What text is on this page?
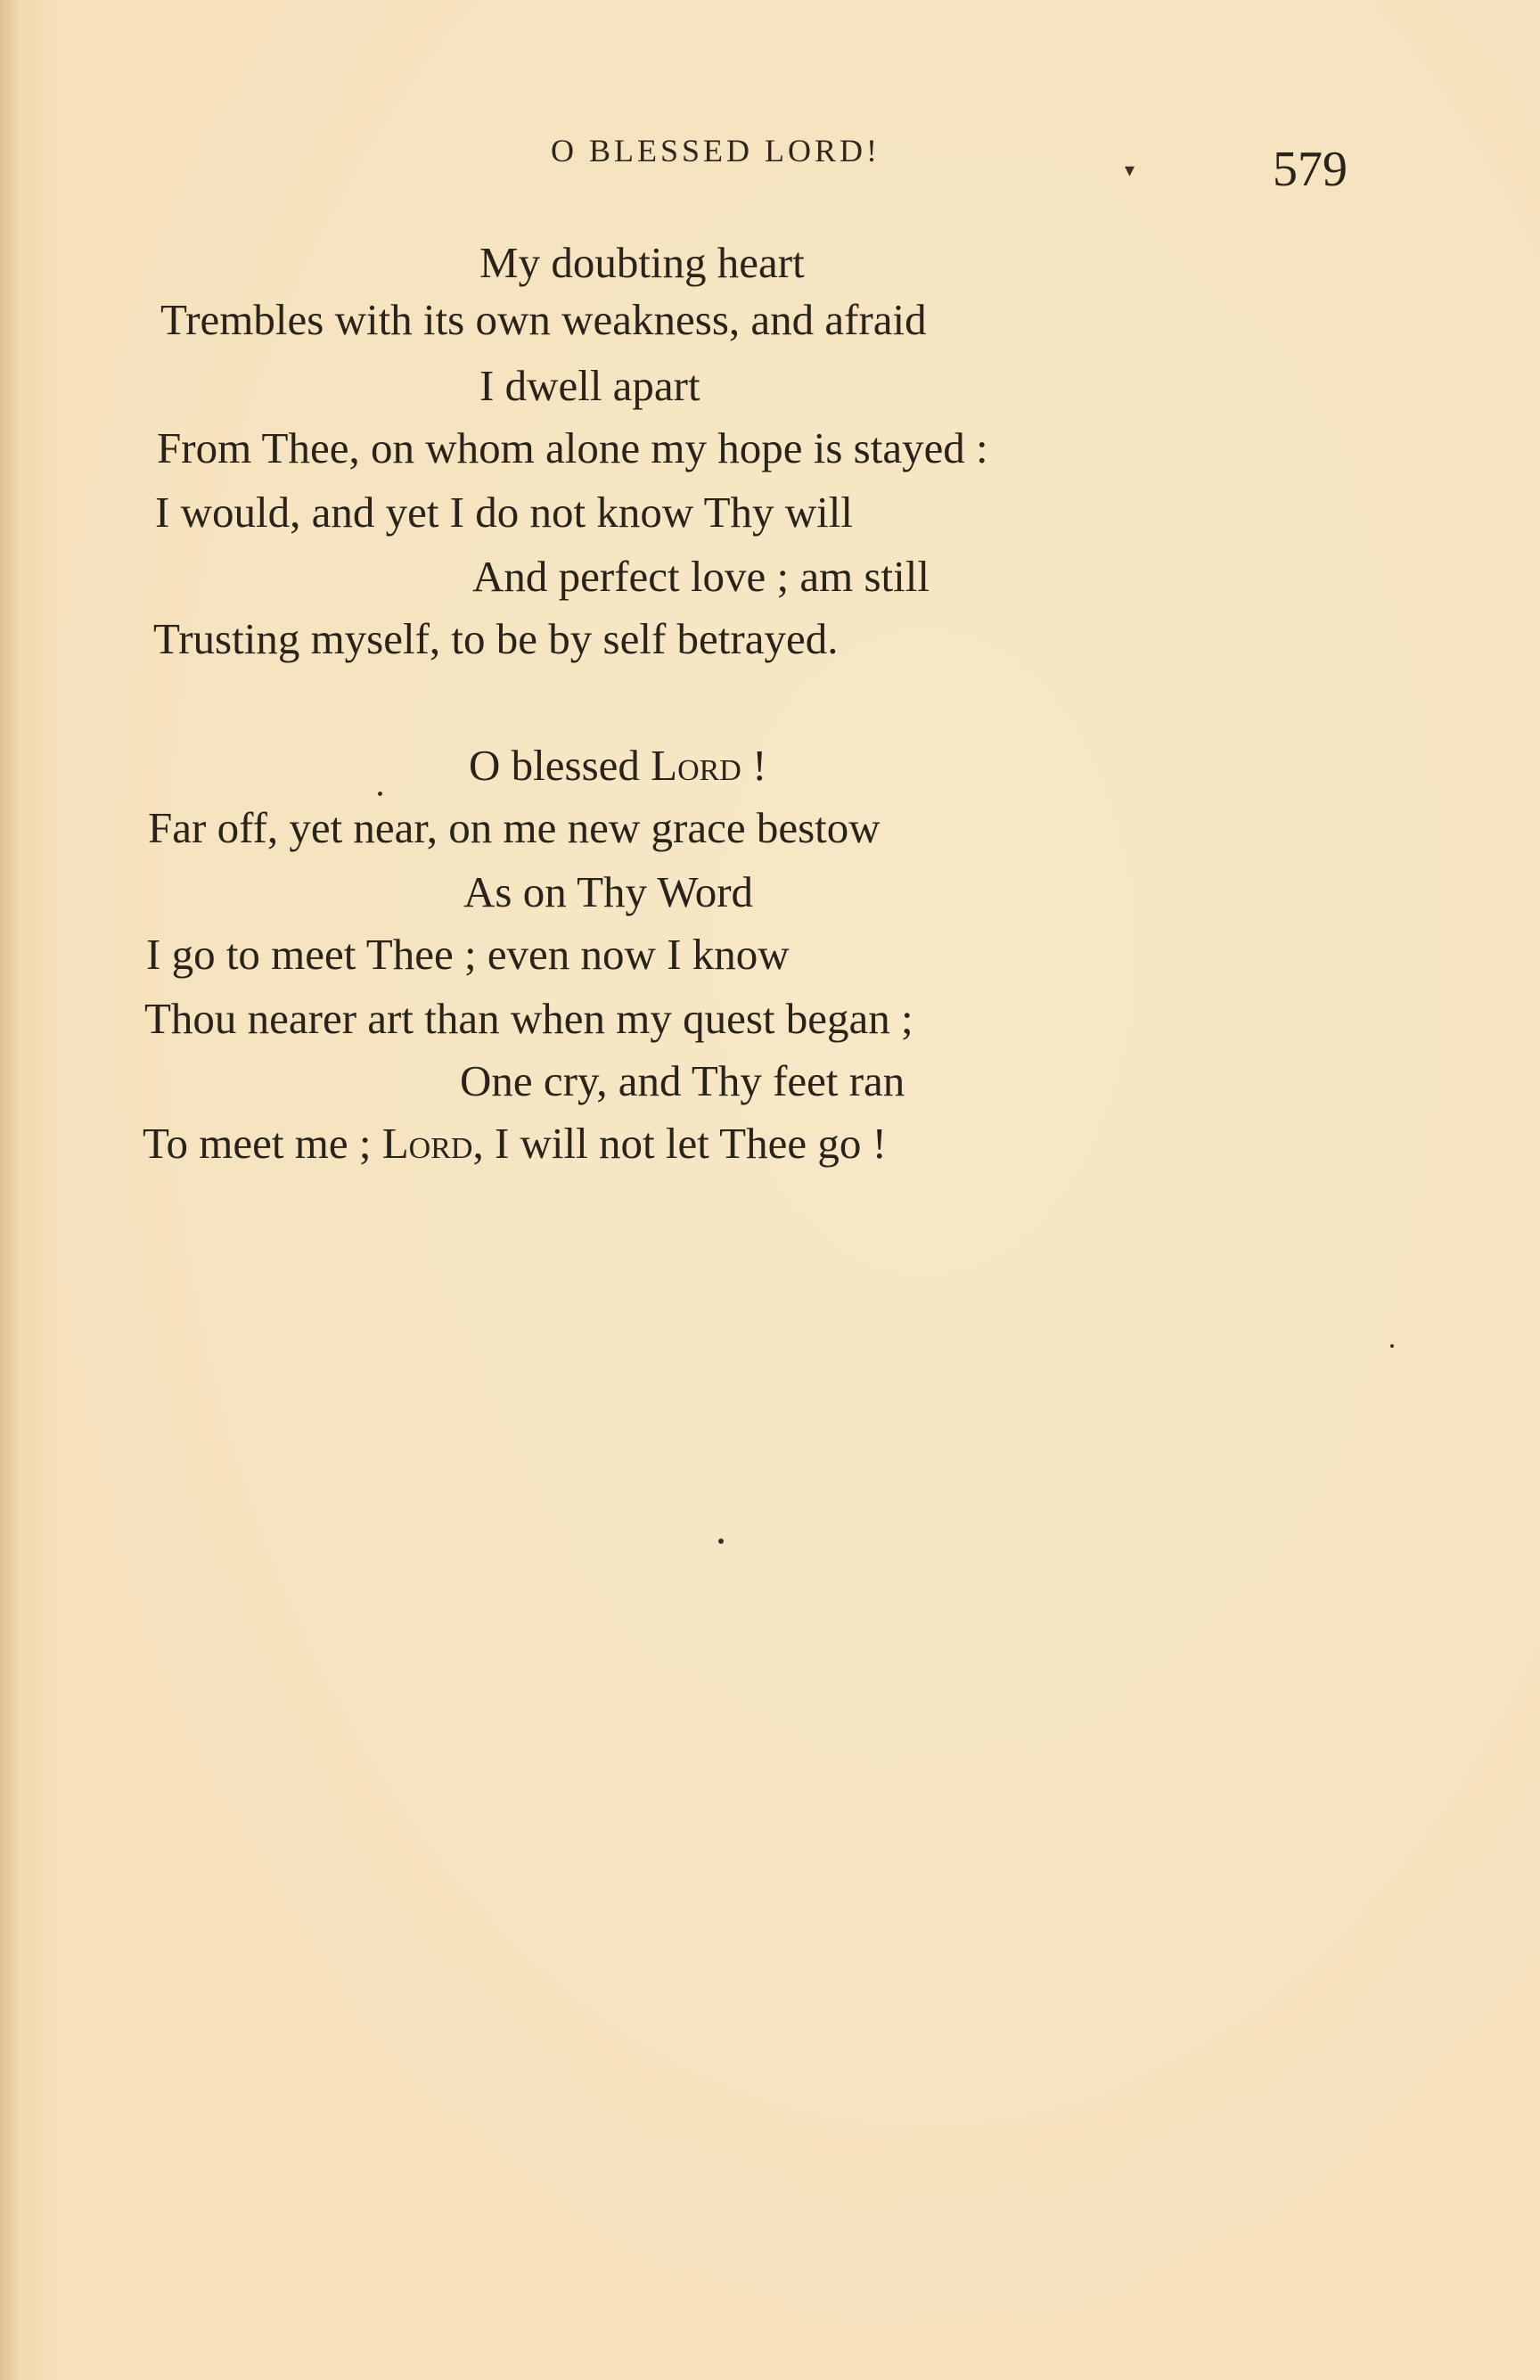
O BLESSED LORD!
▾	579
My doubting heart
Trembles with its own weakness, and afraid
I dwell apart
From Thee, on whom alone my hope is stayed :
I would, and yet I do not know Thy will
And perfect love ; am still
Trusting myself, to be by self betrayed.
O blessed Lord !
Far off, yet near, on me new grace bestow
As on Thy Word
I go to meet Thee ; even now I know
Thou nearer art than when my quest began ;
One cry, and Thy feet ran
To meet me ; Lord, I will not let Thee go !
